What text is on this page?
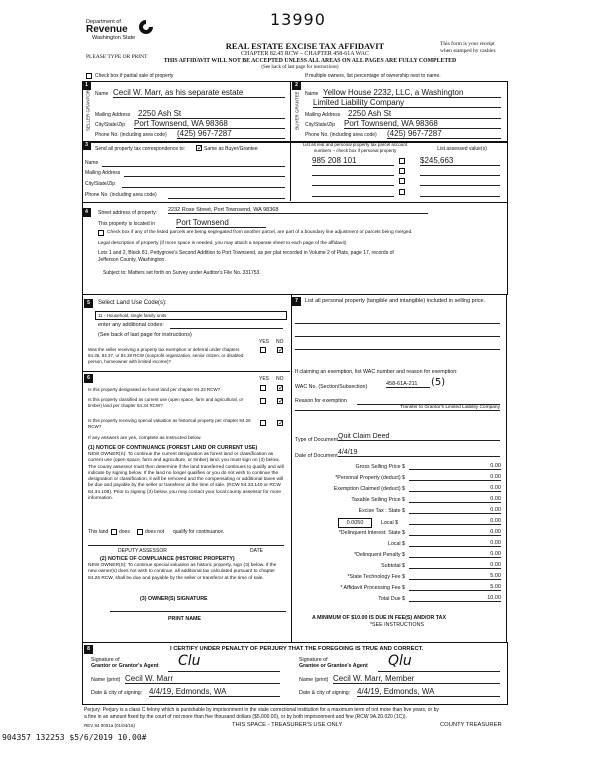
13990
Department of
Revenue
Washington State
REAL ESTATE EXCISE TAX AFFIDAVIT
CHAPTER 82.45 RCW – CHAPTER 458-61A WAC
THIS AFFIDAVIT WILL NOT BE ACCEPTED UNLESS ALL AREAS ON ALL PAGES ARE FULLY COMPLETED
(See back of last page for instructions)
PLEASE TYPE OR PRINT
This form is your receipt
when stamped by cashier.
Check box if partial sale of property	If multiple owners, list percentage of ownership next to name.
1
SELLER GRANTOR Name Cecil W. Marr, as his separate estate
Mailing Address 2250 Ash St
City/State/Zip Port Townsend, WA 98368
Phone No. (including area code) (425) 967-7287
2
BUYER GRANTEE Name Yellow House 2232, LLC, a Washington
Limited Liability Company
Mailing Address 2250 Ash St
City/State/Zip Port Townsend, WA 98368
Phone No. (including area code) (425) 967-7287
3
Send all property tax correspondence to:
✓	Same as Buyer/Grantee
Name
Mailing Address
City/State/Zip
Phone No. (including area code)
List all real and personal property tax parcel account numbers – check box if personal property	List assessed value(s)
985 208 101	$245,663
4	Street address of property: 2232 Rose Street, Port Townsend, WA 98368
This property is located in	Port Townsend
Check box if any of the listed parcels are being segregated from another parcel, are part of a boundary line adjustment or parcels being merged.
Legal description of property (if more space is needed, you may attach a separate sheet to each page of the affidavit)
Lots 1 and 2, Block 81, Pettygrove's Second Addition to Port Townsend, as per plat recorded in Volume 2 of Plats, page 17, records of
Jefferson County, Washington.
Subject to: Matters set forth on Survey under Auditor's File No. 331753.
5	Select Land Use Code(s):
11 - Household, single family units
enter any additional codes:
(See back of last page for instructions)
YES NO
Was the seller receiving a property tax exemption or deferral under chapters 84.36, 84.37, or 84.38 RCW (nonprofit organization, senior citizen, or disabled person, homeowner with limited income)?
✓
6	YES NO
Is this property designated as forest land per chapter 84.33 RCW?
✓
Is this property classified as current use (open space, farm and agricultural, or timber) land per chapter 84.34 RCW?
✓
Is this property receiving special valuation as historical property per chapter 84.26 RCW?
✓
If any answers are yes, complete as instructed below.
(1) NOTICE OF CONTINUANCE (FOREST LAND OR CURRENT USE)
NEW OWNER(S): To continue the current designation as forest land or classification as current use (open space, farm and agriculture, or timber) land, you must sign on (3) below. The county assessor must then determine if the land transferred continues to qualify and will indicate by signing below. If the land no longer qualifies or you do not wish to continue the designation or classification, it will be removed and the compensating or additional taxes will be due and payable by the seller or transferor at the time of sale. (RCW 84.33.140 or RCW 84.34.108). Prior to signing (3) below, you may contact your local county assessor for more information.
This land does	does not qualify for continuance.
DEPUTY ASSESSOR	DATE
(2) NOTICE OF COMPLIANCE (HISTORIC PROPERTY)
NEW OWNER(S): To continue special valuation as historic property, sign (3) below. If the new owner(s) does not wish to continue, all additional tax calculated pursuant to chapter 84.26 RCW, shall be due and payable by the seller or transferor at the time of sale.
(3) OWNER(S) SIGNATURE
PRINT NAME
7	List all personal property (tangible and intangible) included in selling price.
If claiming an exemption, list WAC number and reason for exemption:
WAC No. (Section/Subsection)	458-61A-211	(5)
Reason for exemption
Transfer to Grantor's Limited Liability Company
Type of Document Quit Claim Deed
Date of Document 4/4/19
Gross Selling Price $	0.00
*Personal Property (deduct) $	0.00
Exemption Claimed (deduct) $	0.00
Taxable Selling Price $	0.00
Excise Tax : State $	0.00
0.0050	Local $	0.00
*Delinquent Interest: State $	0.00
Local $	0.00
*Delinquent Penalty $	0.00
Subtotal $	0.00
*State Technology Fee $	5.00
* Affidavit Processing Fee $	5.00
Total Due $	10.00
A MINIMUM OF $10.00 IS DUE IN FEE(S) AND/OR TAX
*SEE INSTRUCTIONS
8	I CERTIFY UNDER PENALTY OF PERJURY THAT THE FOREGOING IS TRUE AND CORRECT.
Signature of
Grantor or Grantor's Agent Clu
Name (print) Cecil W. Marr
Date & city of signing: 4/4/19, Edmonds, WA
Signature of
Grantee or Grantee's Agent Qlu
Name (print) Cecil W. Marr, Member
Date & city of signing: 4/4/19, Edmonds, WA
Perjury: Perjury is a class C felony which is punishable by imprisonment in the state correctional institution for a maximum term of not more than five years, or by
a fine in an amount fixed by the court of not more than five thousand dollars ($5,000.00), or by both imprisonment and fine (RCW 9A.20.020 (1C)).
REV 84 0001a (01/04/16)	THIS SPACE - TREASURER'S USE ONLY	COUNTY TREASURER
904357 132253 $5/6/2019 10.00#
